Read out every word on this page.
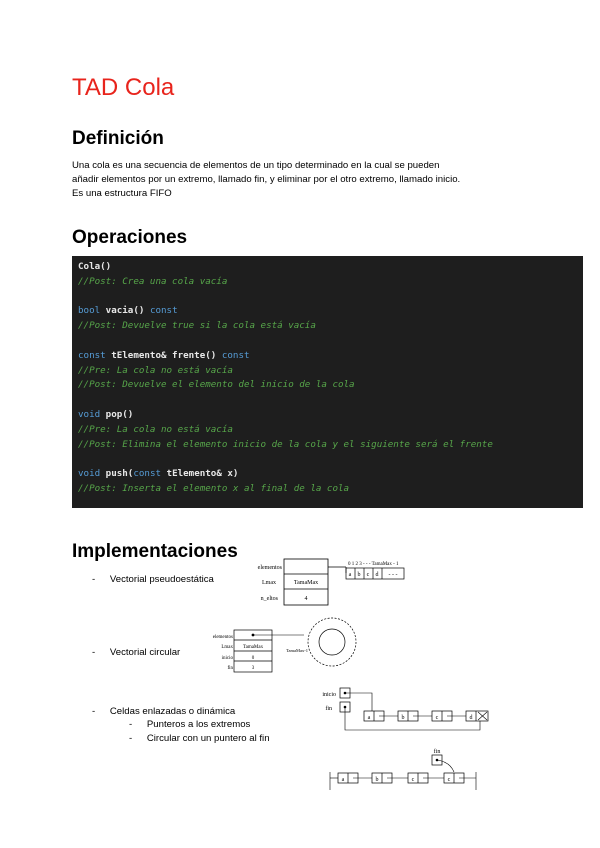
TAD Cola
Definición
Una cola es una secuencia de elementos de un tipo determinado en la cual se pueden
añadir elementos por un extremo, llamado fin, y eliminar por el otro extremo, llamado inicio.
Es una estructura FIFO
Operaciones
Cola()
//Post: Crea una cola vacía
bool vacia() const
//Post: Devuelve true si la cola está vacía
const tElemento& frente() const
//Pre: La cola no está vacía
//Post: Devuelve el elemento del inicio de la cola
void pop()
//Pre: La cola no está vacía
//Post: Elimina el elemento inicio de la cola y el siguiente será el frente
void push(const tElemento& x)
//Post: Inserta el elemento x al final de la cola
Implementaciones
- Vectorial pseudoestática
- Vectorial circular
- Celdas enlazadas o dinámica
- Punteros a los extremos
- Circular con un puntero al fin
elementos
Lmax
n_eltos
TamaMax
4
0 1 2 3 - - - TamaMax - 1
a b c d - - -
elementos
Lmax
inicio
fin
TamaMax
0
3
TamaMax-1
inicio
fin
a	b	c	d
fin
a	b	c	c
